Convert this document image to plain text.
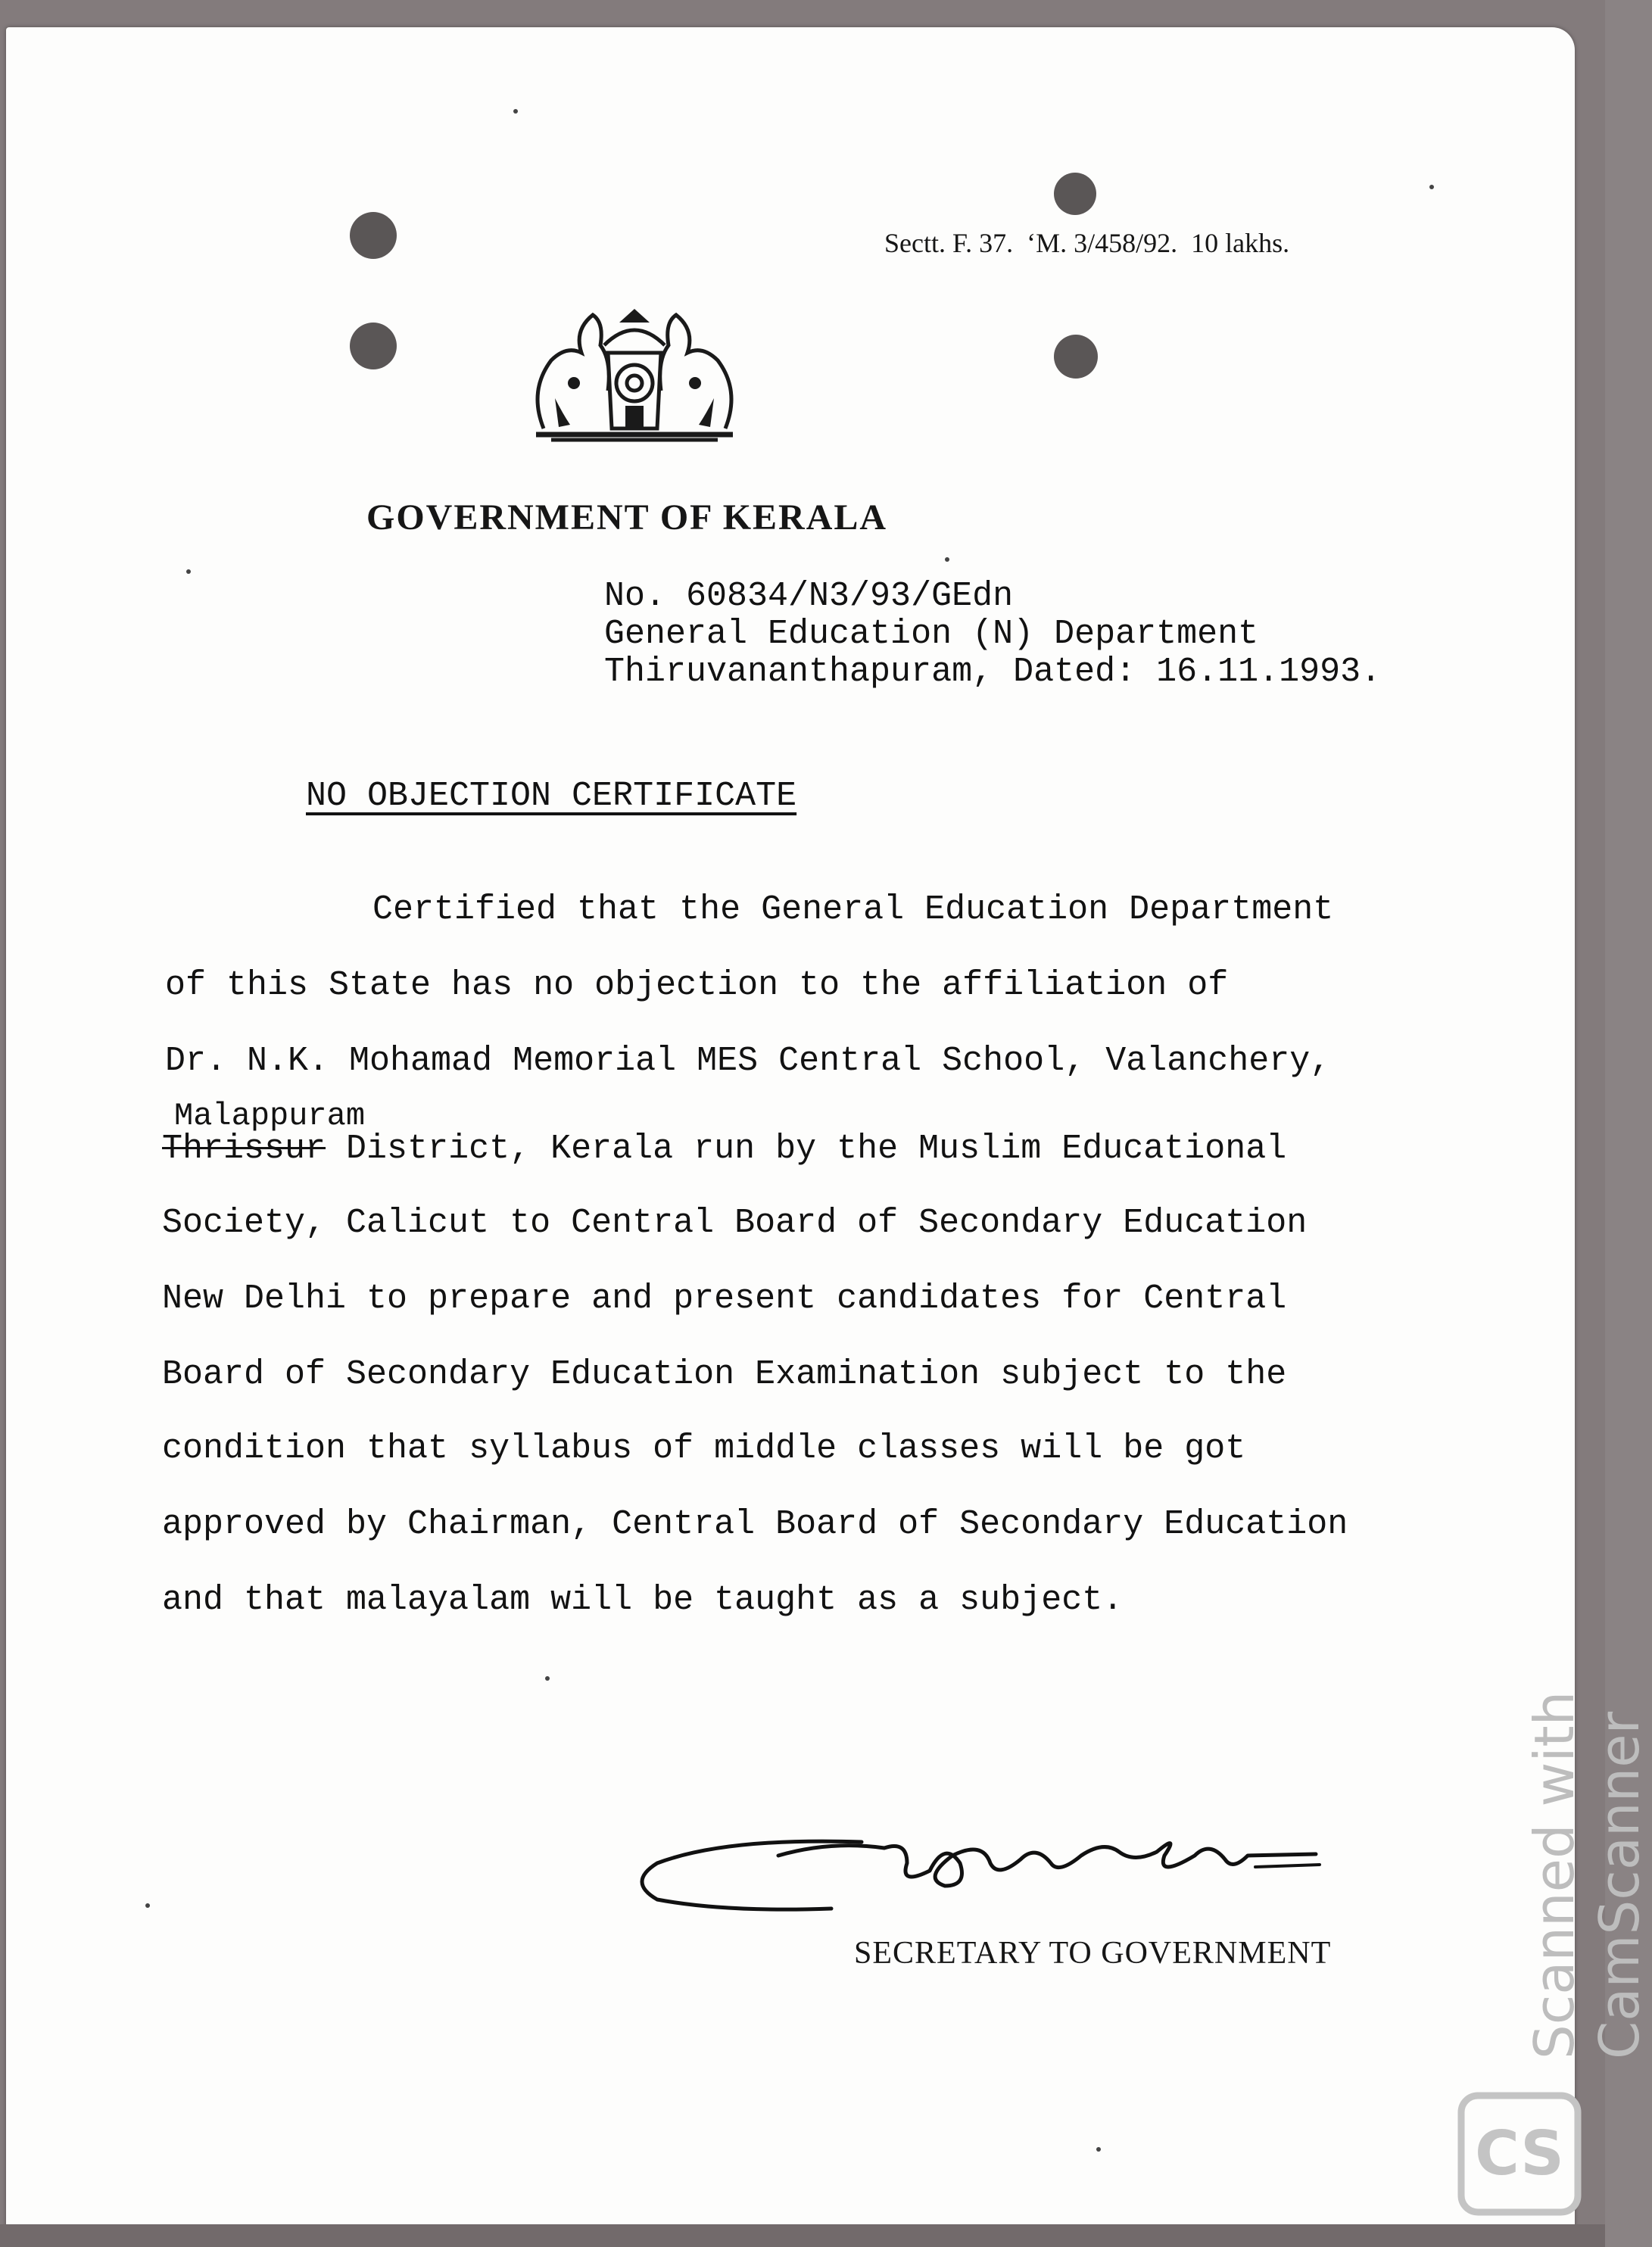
Sectt. F. 37.  ‘M. 3/458/92.  10 lakhs.
GOVERNMENT OF KERALA
No. 60834/N3/93/GEdn
General Education (N) Department
Thiruvananthapuram, Dated: 16.11.1993.
NO OBJECTION CERTIFICATE
Certified that the General Education Department
of this State has no objection to the affiliation of
Dr. N.K. Mohamad Memorial MES Central School, Valanchery,
Malappuram
Thrissur District, Kerala run by the Muslim Educational
Society, Calicut to Central Board of Secondary Education
New Delhi to prepare and present candidates for Central
Board of Secondary Education Examination subject to the
condition that syllabus of middle classes will be got
approved by Chairman, Central Board of Secondary Education
and that malayalam will be taught as a subject.
SECRETARY TO GOVERNMENT	Scanned with
CamScanner
CS
